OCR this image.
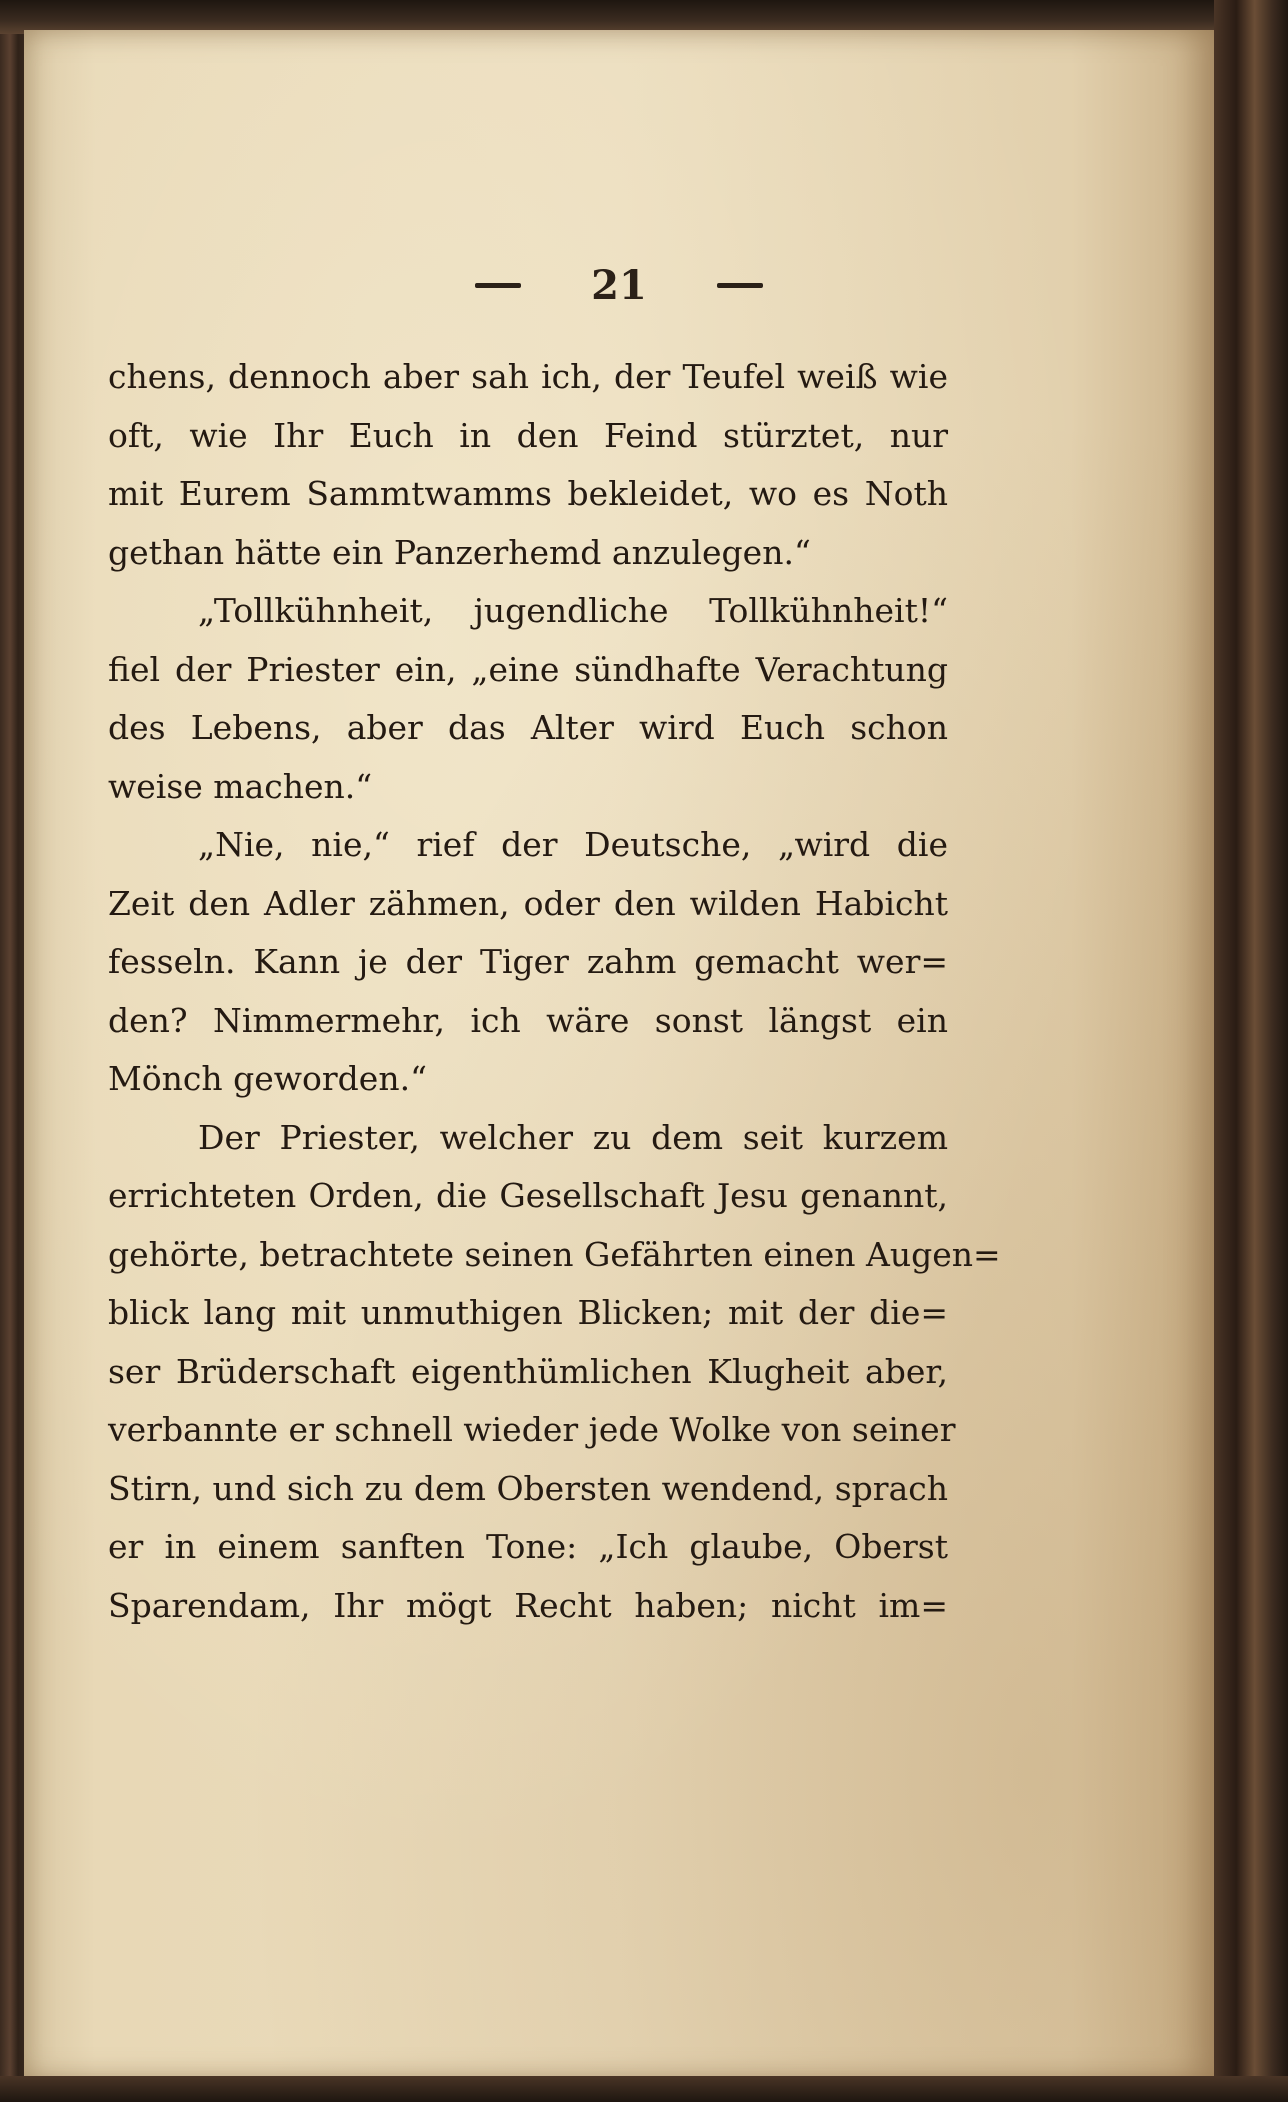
21
chens, dennoch aber sah ich, der Teufel weiß wie
oft, wie Ihr Euch in den Feind stürztet, nur
mit Eurem Sammtwamms bekleidet, wo es Noth
gethan hätte ein Panzerhemd anzulegen.“
„Tollkühnheit, jugendliche Tollkühnheit!“
fiel der Priester ein, „eine sündhafte Verachtung
des Lebens, aber das Alter wird Euch schon
weise machen.“
„Nie, nie,“ rief der Deutsche, „wird die
Zeit den Adler zähmen, oder den wilden Habicht
fesseln. Kann je der Tiger zahm gemacht wer=
den? Nimmermehr, ich wäre sonst längst ein
Mönch geworden.“
Der Priester, welcher zu dem seit kurzem
errichteten Orden, die Gesellschaft Jesu genannt,
gehörte, betrachtete seinen Gefährten einen Augen=
blick lang mit unmuthigen Blicken; mit der die=
ser Brüderschaft eigenthümlichen Klugheit aber,
verbannte er schnell wieder jede Wolke von seiner
Stirn, und sich zu dem Obersten wendend, sprach
er in einem sanften Tone: „Ich glaube, Oberst
Sparendam, Ihr mögt Recht haben; nicht im=
